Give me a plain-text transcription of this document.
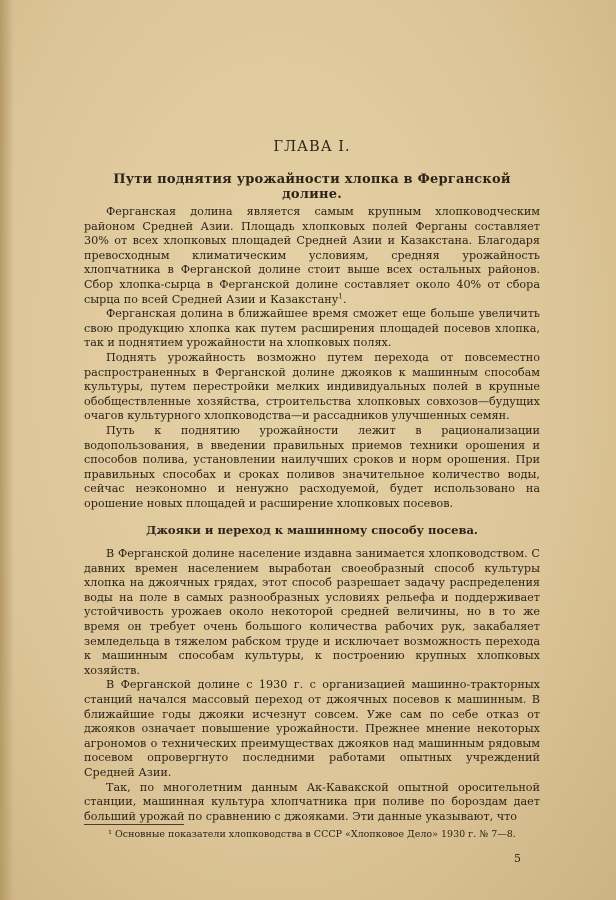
ГЛАВА I.
Пути поднятия урожайности хлопка в Ферганской долине.

Ферганская долина является самым крупным хлопководческим районом Средней Азии. Площадь хлопковых полей Ферганы составляет 30% от всех хлопковых площадей Средней Азии и Казакстана. Благодаря превосходным климатическим условиям, средняя урожайность хлопчатника в Ферганской долине стоит выше всех остальных районов. Сбор хлопка-сырца в Ферганской долине составляет около 40% от сбора сырца по всей Средней Азии и Казакстану$^1$.

Ферганская долина в ближайшее время сможет еще больше увеличить свою продукцию хлопка как путем расширения площадей посевов хлопка, так и поднятием урожайности на хлопковых полях.

Поднять урожайность возможно путем перехода от повсеместно распространенных в Ферганской долине джояков к машинным способам культуры, путем перестройки мелких индивидуальных полей в крупные обобществленные хозяйства, строительства хлопковых совхозов—будущих очагов культурного хлопководства—и рассадников улучшенных семян.

Путь к поднятию урожайности лежит в рационализации водопользования, в введении правильных приемов техники орошения и способов полива, установлении наилучших сроков и норм орошения. При правильных способах и сроках поливов значительное количество воды, сейчас неэкономно и ненужно расходуемой, будет использовано на орошение новых площадей и расширение хлопковых посевов.

Джояки и переход к машинному способу посева.

В Ферганской долине население издавна занимается хлопководством. С давних времен населением выработан своеобразный способ культуры хлопка на джоячных грядах, этот способ разрешает задачу распределения воды на поле в самых разнообразных условиях рельефа и поддерживает устойчивость урожаев около некоторой средней величины, но в то же время он требует очень большого количества рабочих рук, закабаляет земледельца в тяжелом рабском труде и исключает возможность перехода к машинным способам культуры, к построению крупных хлопковых хозяйств.

В Ферганской долине с 1930 г. с организацией машинно-тракторных станций начался массовый переход от джоячных посевов к машинным. В ближайшие годы джояки исчезнут совсем. Уже сам по себе отказ от джояков означает повышение урожайности. Прежнее мнение некоторых агрономов о технических преимуществах джояков над машинным рядовым посевом опровергнуто последними работами опытных учреждений Средней Азии.

Так, по многолетним данным Ак-Кавакской опытной оросительной станции, машинная культура хлопчатника при поливе по бороздам дает больший урожай по сравнению с джояками. Эти данные указывают, что

¹ Основные показатели хлопководства в СССР «Хлопковое Дело» 1930 г. № 7—8.
5
